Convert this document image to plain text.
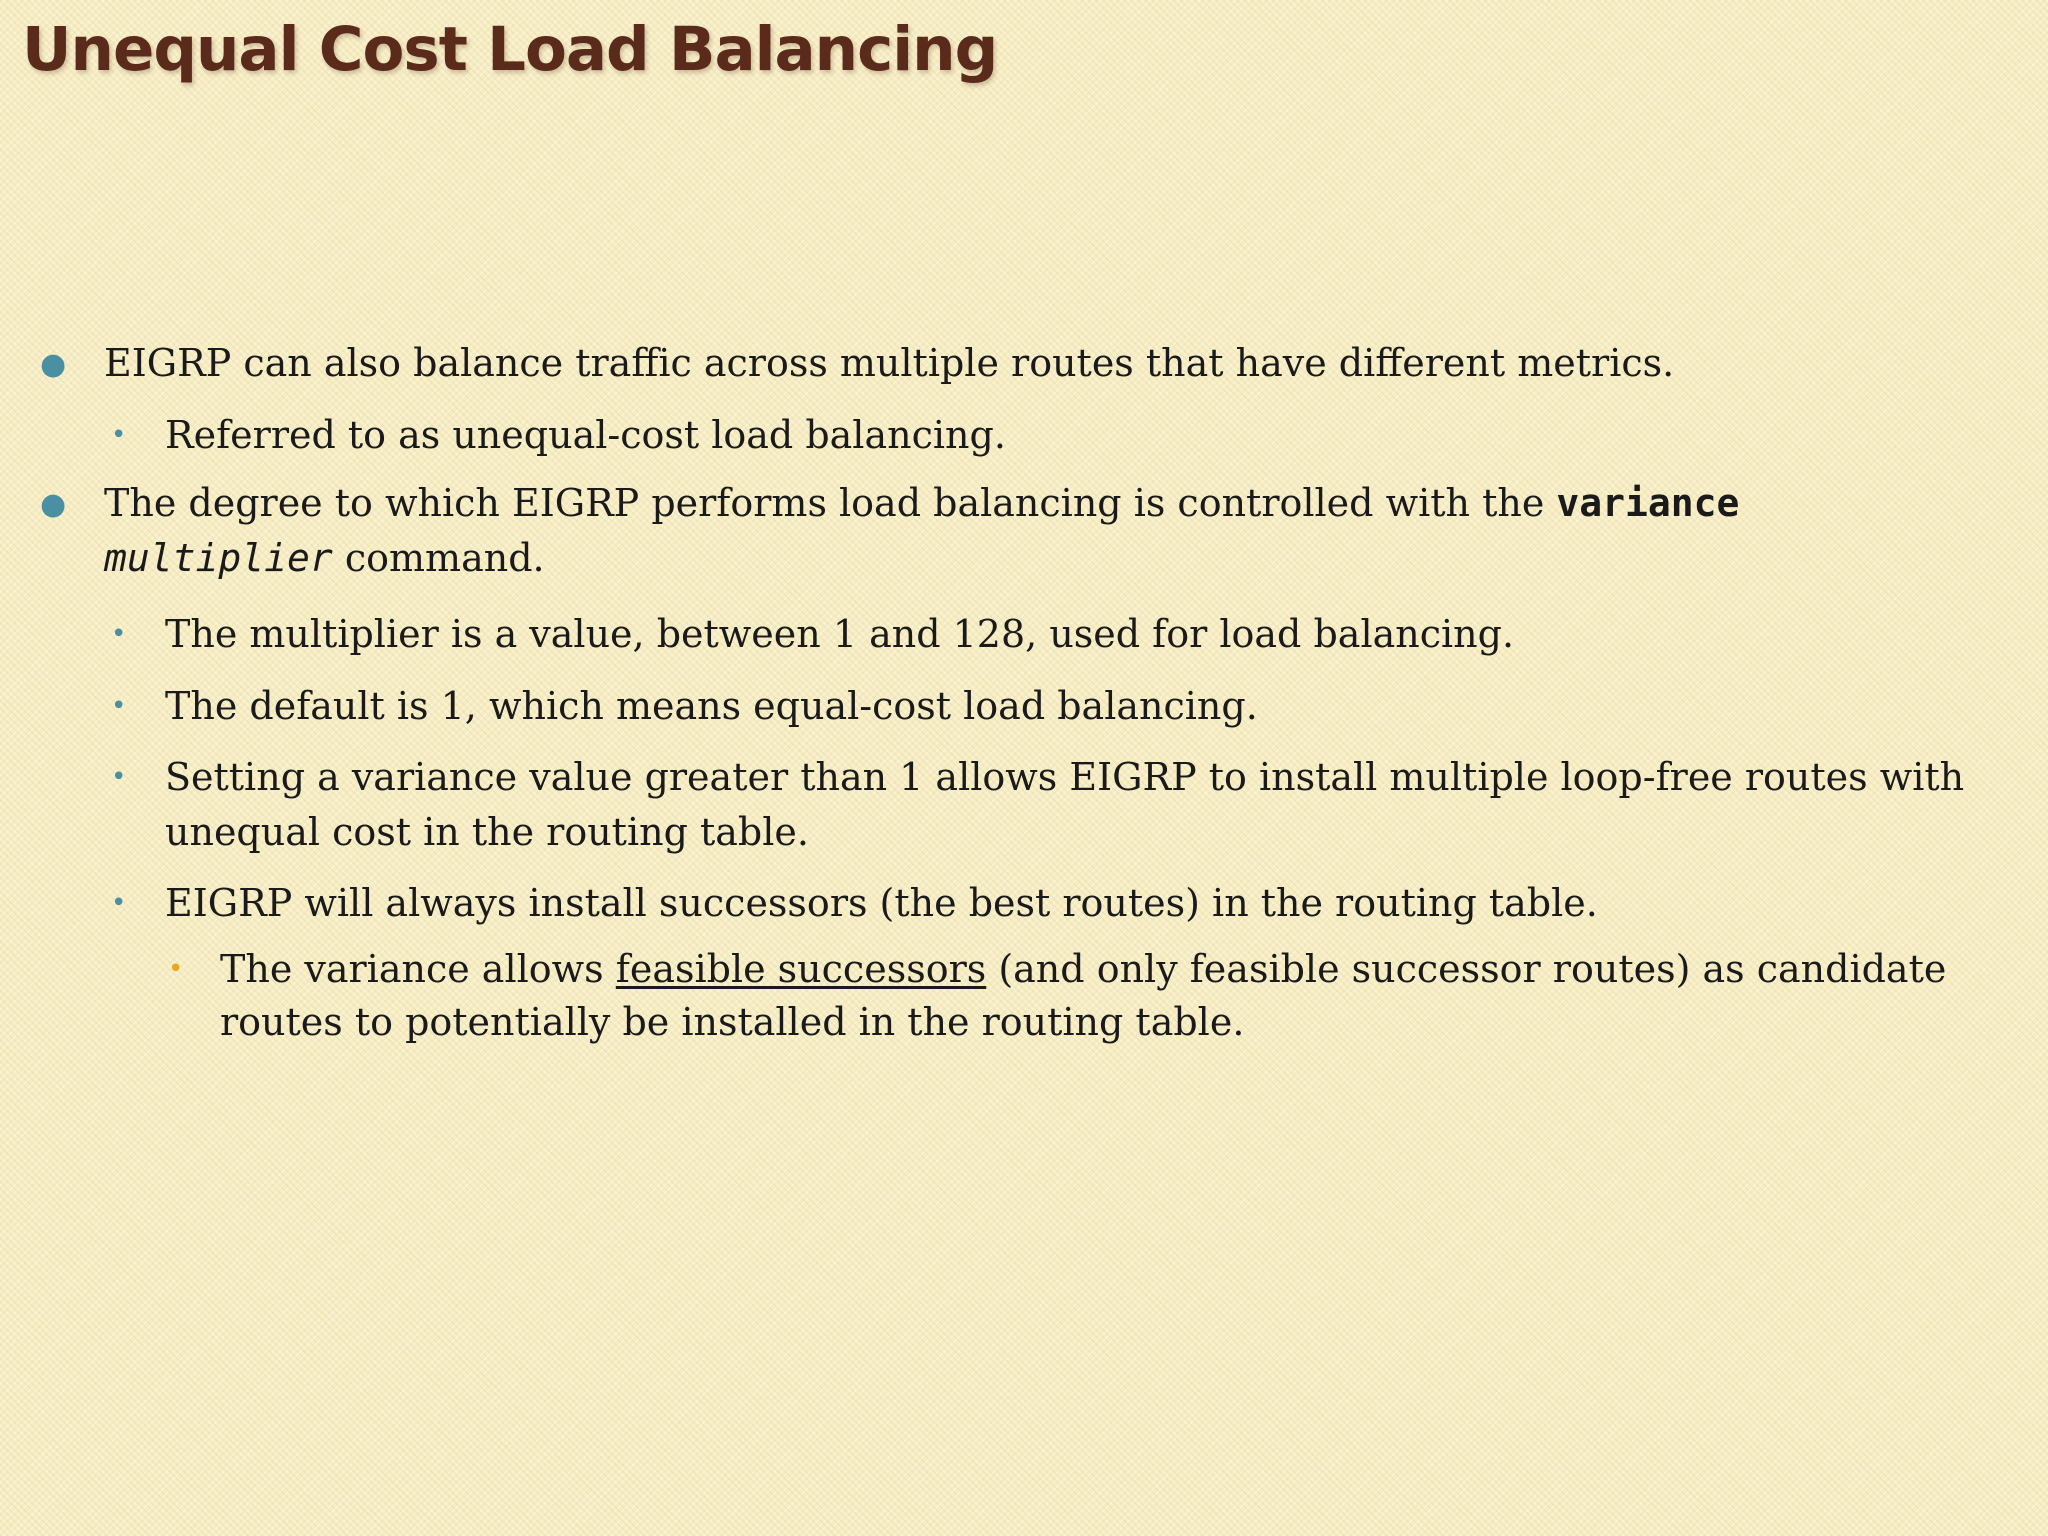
Unequal Cost Load Balancing
● EIGRP can also balance traffic across multiple routes that have different metrics.
• Referred to as unequal-cost load balancing.
● The degree to which EIGRP performs load balancing is controlled with the variance
multiplier command.
• The multiplier is a value, between 1 and 128, used for load balancing.
• The default is 1, which means equal-cost load balancing.
• Setting a variance value greater than 1 allows EIGRP to install multiple loop-free routes with
unequal cost in the routing table.
• EIGRP will always install successors (the best routes) in the routing table.
• The variance allows feasible successors (and only feasible successor routes) as candidate
routes to potentially be installed in the routing table.
